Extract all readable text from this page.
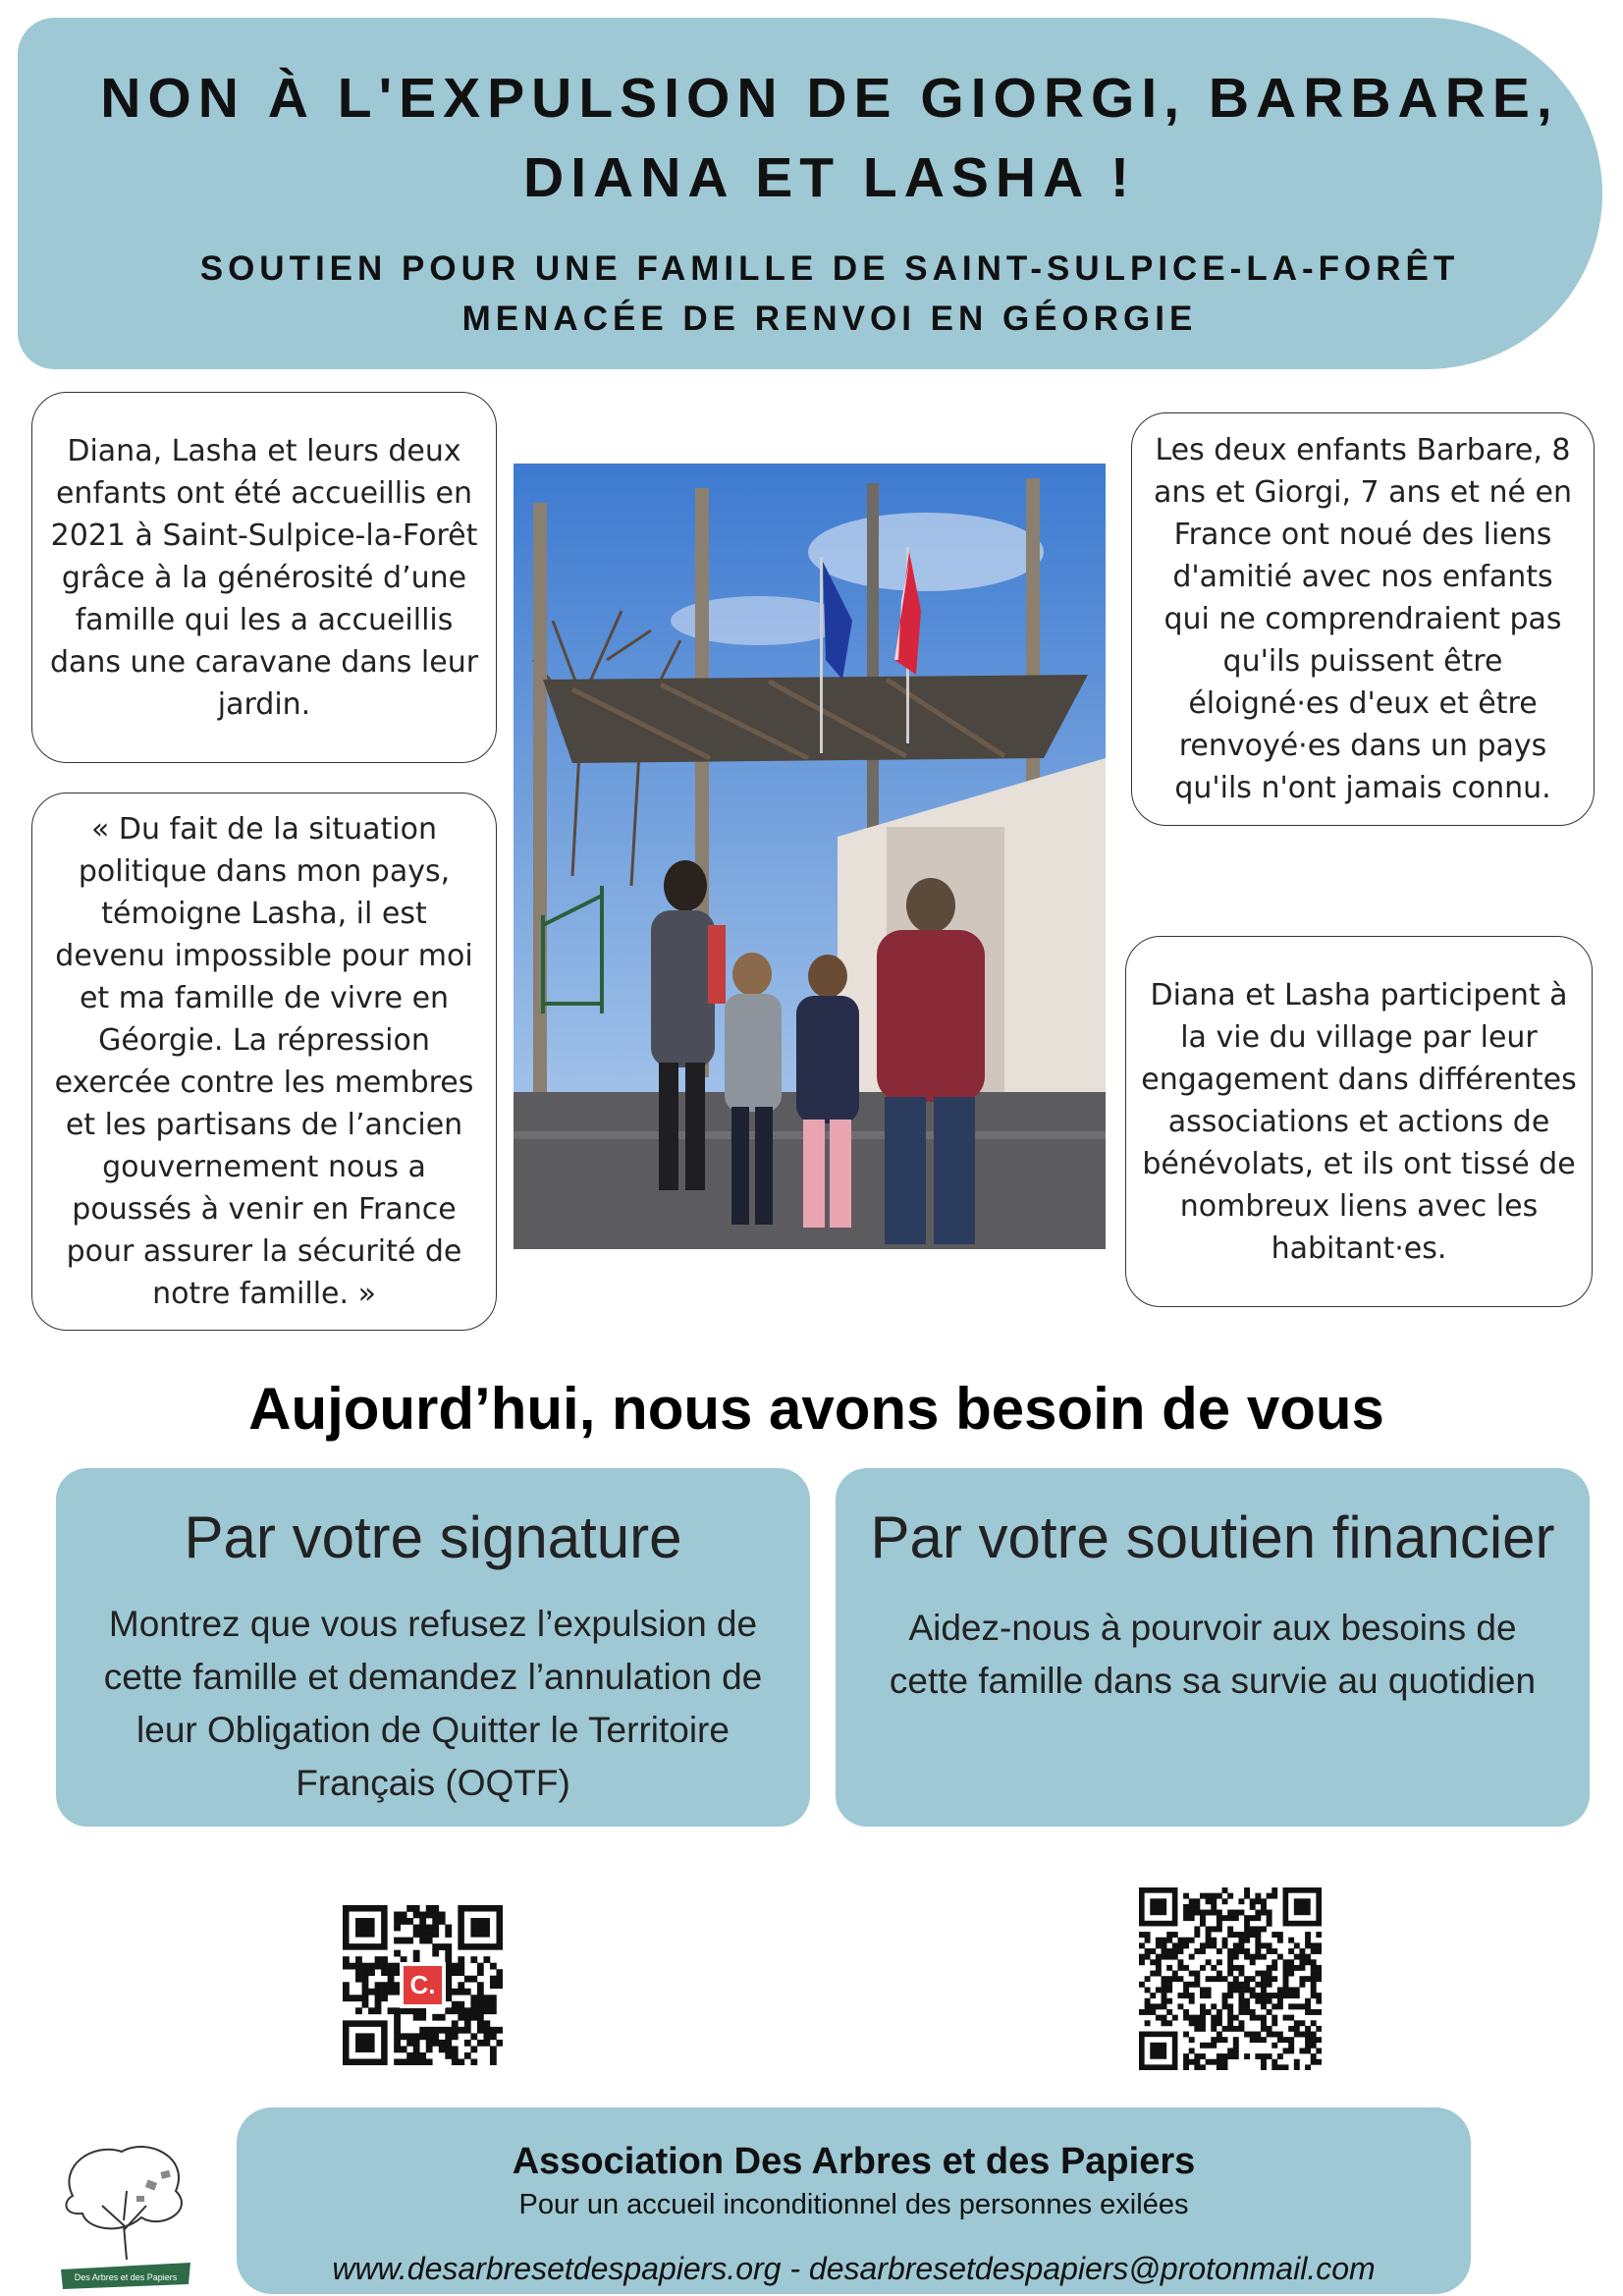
NON À L'EXPULSION DE GIORGI, BARBARE,
DIANA ET LASHA !
SOUTIEN POUR UNE FAMILLE DE SAINT-SULPICE-LA-FORÊT
MENACÉE DE RENVOI EN GÉORGIE
Diana, Lasha et leurs deux enfants ont été accueillis en 2021 à Saint-Sulpice-la-Forêt grâce à la générosité d’une famille qui les a accueillis dans une caravane dans leur jardin.
« Du fait de la situation politique dans mon pays, témoigne Lasha, il est devenu impossible pour moi et ma famille de vivre en Géorgie. La répression exercée contre les membres et les partisans de l’ancien gouvernement nous a poussés à venir en France pour assurer la sécurité de notre famille. »
Les deux enfants Barbare, 8 ans et Giorgi, 7 ans et né en France ont noué des liens d'amitié avec nos enfants qui ne comprendraient pas qu'ils puissent être éloigné·es d'eux et être renvoyé·es dans un pays qu'ils n'ont jamais connu.
Diana et Lasha participent à la vie du village par leur engagement dans différentes associations et actions de bénévolats, et ils ont tissé de nombreux liens avec les habitant·es.
Aujourd’hui, nous avons besoin de vous
Par votre signature
Montrez que vous refusez l’expulsion de cette famille et demandez l’annulation de leur Obligation de Quitter le Territoire Français (OQTF)
Par votre soutien financier
Aidez-nous à pourvoir aux besoins de cette famille dans sa survie au quotidien
C.
Des Arbres et des Papiers
Association Des Arbres et des Papiers
Pour un accueil inconditionnel des personnes exilées
www.desarbresetdespapiers.org - desarbresetdespapiers@protonmail.com
